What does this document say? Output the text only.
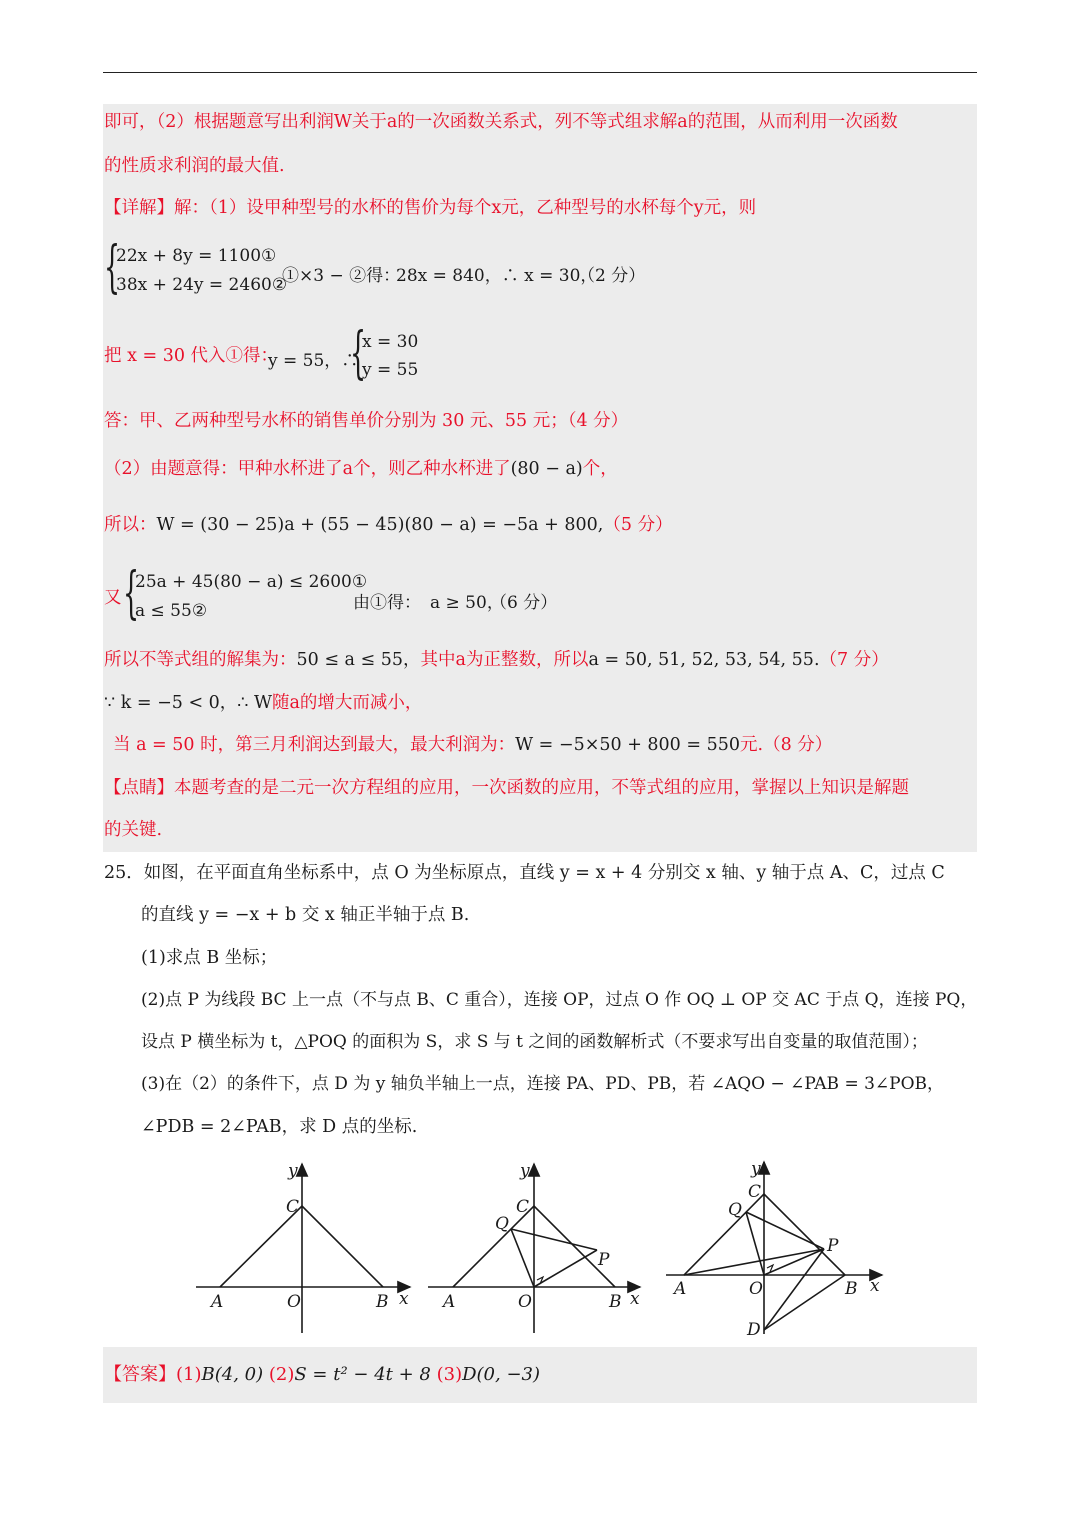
即可，（2）根据题意写出利润W关于a的一次函数关系式，列不等式组求解a的范围，从而利用一次函数
的性质求利润的最大值.
【详解】解：（1）设甲种型号的水杯的售价为每个x元，乙种型号的水杯每个y元，则
{
22x + 8y = 1100①
38x + 24y = 2460②
①×3 − ②得：
28x = 840，∴ x = 30，
（2 分）
把 x = 30 代入①得：
y = 55，∴
{
x = 30
y = 55
答：甲、乙两种型号水杯的销售单价分别为 30 元、55 元；（4 分）
（2）由题意得：甲种水杯进了a个，则乙种水杯进了(80 − a)个，
所以：W = (30 − 25)a + (55 − 45)(80 − a) = −5a + 800,（5 分）
又 {
25a + 45(80 − a) ≤ 2600①
a ≤ 55②	由①得： a ≥ 50，
（6 分）
所以不等式组的解集为：50 ≤ a ≤ 55，其中a为正整数，所以a = 50, 51, 52, 53, 54, 55.（7 分）
∵ k = −5 < 0，∴ W随a的增大而减小，
当 a = 50 时，第三月利润达到最大，最大利润为：W = −5×50 + 800 = 550元.（8 分）
【点睛】本题考查的是二元一次方程组的应用，一次函数的应用，不等式组的应用，掌握以上知识是解题
的关键.
25．如图，在平面直角坐标系中，点 O 为坐标原点，直线 y = x + 4 分别交 x 轴、y 轴于点 A、C，过点 C
的直线 y = −x + b 交 x 轴正半轴于点 B.
(1)求点 B 坐标；
(2)点 P 为线段 BC 上一点（不与点 B、C 重合），连接 OP，过点 O 作 OQ ⊥ OP 交 AC 于点 Q，连接 PQ，
设点 P 横坐标为 t，△POQ 的面积为 S，求 S 与 t 之间的函数解析式（不要求写出自变量的取值范围）；
(3)在（2）的条件下，点 D 为 y 轴负半轴上一点，连接 PA、PD、PB，若 ∠AQO − ∠PAB = 3∠POB，
∠PDB = 2∠PAB，求 D 点的坐标.
A	O	B x
y
C
A	O	B x
y
C
Q
P
A	O	B x
y
C
Q
P
D
【答案】(1)B(4, 0) (2)S = t² − 4t + 8 (3)D(0, −3)
